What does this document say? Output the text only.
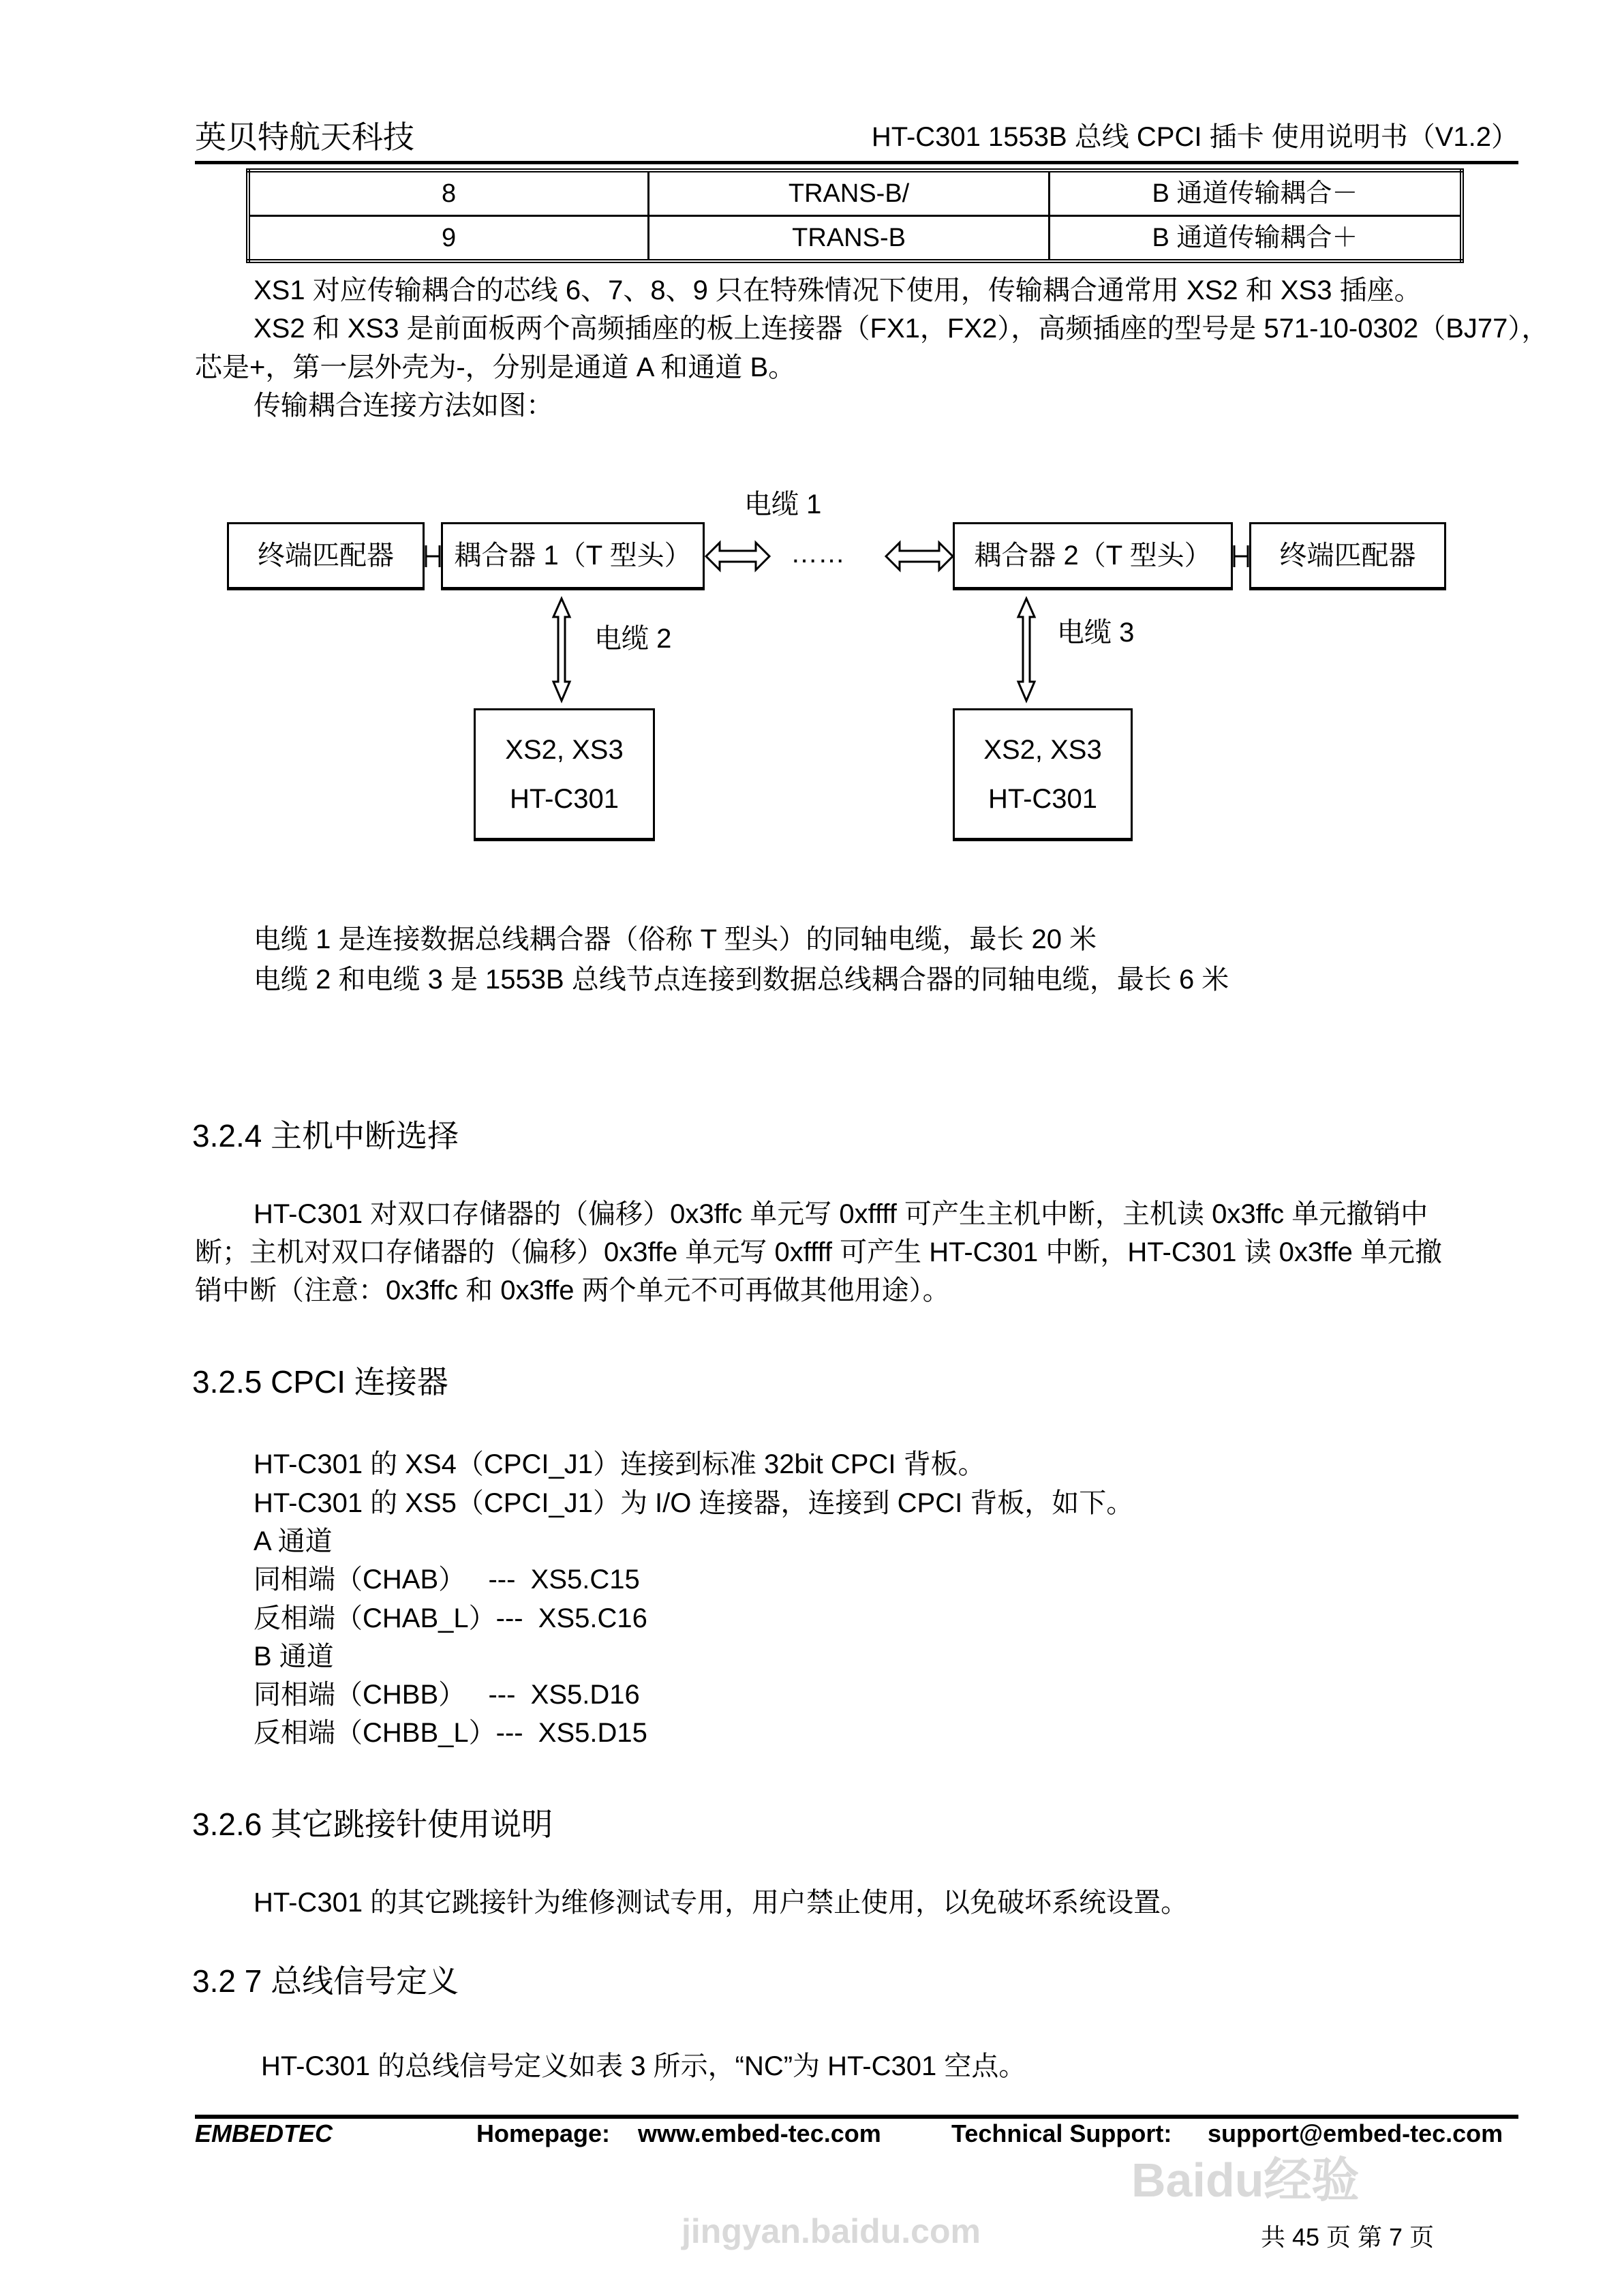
英贝特航天科技	HT-C301 1553B 总线 CPCI 插卡 使用说明书（V1.2）
8	TRANS-B/	B 通道传输耦合－
9	TRANS-B	B 通道传输耦合＋
XS1 对应传输耦合的芯线 6、7、8、9 只在特殊情况下使用，传输耦合通常用 XS2 和 XS3 插座。
XS2 和 XS3 是前面板两个高频插座的板上连接器（FX1，FX2），高频插座的型号是 571-10-0302（BJ77），
芯是+，第一层外壳为-，分别是通道 A 和通道 B。
传输耦合连接方法如图：
终端匹配器 耦合器 1（T 型头）	耦合器 2（T 型头） 终端匹配器
XS2, XS3
HT-C301
XS2, XS3
HT-C301
电缆 1
……
电缆 2	电缆 3
电缆 1 是连接数据总线耦合器（俗称 T 型头）的同轴电缆，最长 20 米
电缆 2 和电缆 3 是 1553B 总线节点连接到数据总线耦合器的同轴电缆，最长 6 米
3.2.4 主机中断选择
HT-C301 对双口存储器的（偏移）0x3ffc 单元写 0xffff 可产生主机中断，主机读 0x3ffc 单元撤销中
断；主机对双口存储器的（偏移）0x3ffe 单元写 0xffff 可产生 HT-C301 中断，HT-C301 读 0x3ffe 单元撤
销中断（注意：0x3ffc 和 0x3ffe 两个单元不可再做其他用途）。
3.2.5 CPCI 连接器
HT-C301 的 XS4（CPCI_J1）连接到标准 32bit CPCI 背板。
HT-C301 的 XS5（CPCI_J1）为 I/O 连接器，连接到 CPCI 背板，如下。
A 通道
同相端（CHAB）   ---  XS5.C15
反相端（CHAB_L）---  XS5.C16
B 通道
同相端（CHBB）   ---  XS5.D16
反相端（CHBB_L）---  XS5.D15
3.2.6 其它跳接针使用说明
HT-C301 的其它跳接针为维修测试专用，用户禁止使用，以免破坏系统设置。
3.2 7 总线信号定义
HT-C301 的总线信号定义如表 3 所示，“NC”为 HT-C301 空点。
EMBEDTEC	Homepage: www.embed-tec.com	Technical Support: support@embed-tec.com
Baidu经验
jingyan.baidu.com	共 45 页 第 7 页
